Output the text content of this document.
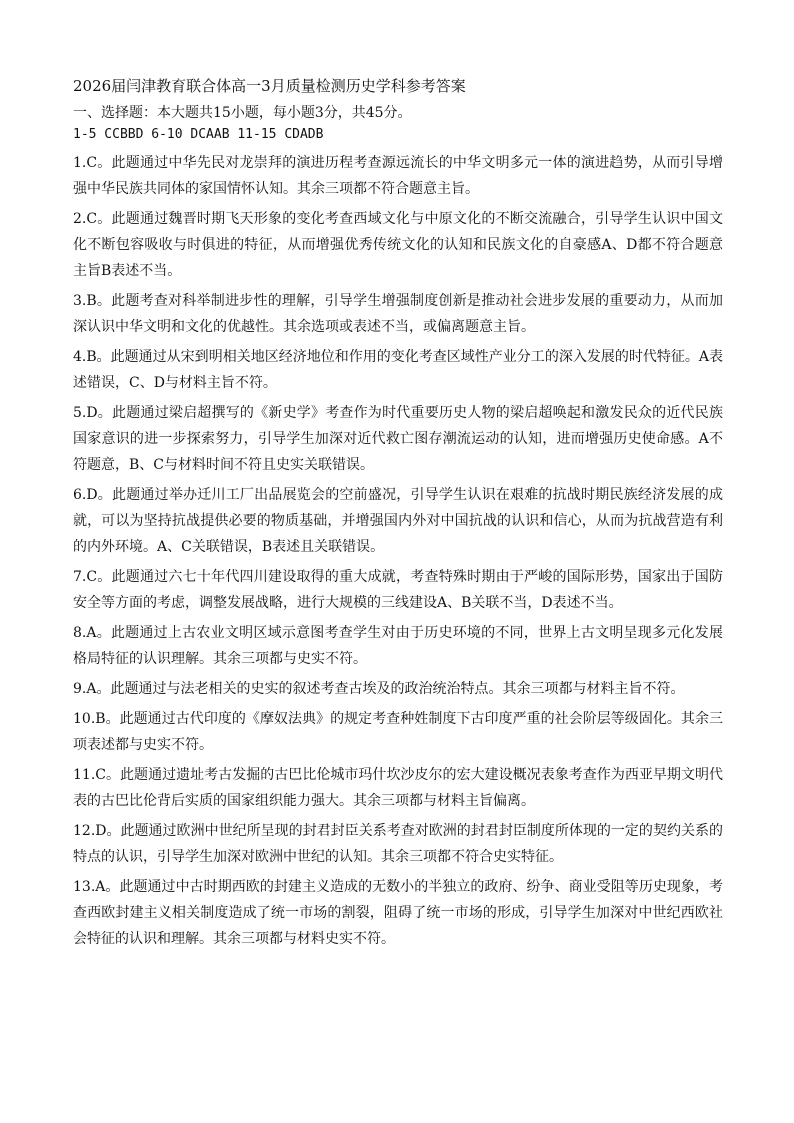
2026届闫津教育联合体高一3月质量检测历史学科参考答案
一、选择题：本大题共15小题，每小题3分，共45分。
1-5 CCBBD 6-10 DCAAB 11-15 CDADB
1.C。此题通过中华先民对龙崇拜的演进历程考查源远流长的中华文明多元一体的演进趋势，从而引导增强中华民族共同体的家国情怀认知。其余三项都不符合题意主旨。
2.C。此题通过魏晋时期飞天形象的变化考查西域文化与中原文化的不断交流融合，引导学生认识中国文化不断包容吸收与时俱进的特征，从而增强优秀传统文化的认知和民族文化的自豪感A、D都不符合题意主旨B表述不当。
3.B。此题考查对科举制进步性的理解，引导学生增强制度创新是推动社会进步发展的重要动力，从而加深认识中华文明和文化的优越性。其余选项或表述不当，或偏离题意主旨。
4.B。此题通过从宋到明相关地区经济地位和作用的变化考查区域性产业分工的深入发展的时代特征。A表述错误，C、D与材料主旨不符。
5.D。此题通过梁启超撰写的《新史学》考查作为时代重要历史人物的梁启超唤起和激发民众的近代民族国家意识的进一步探索努力，引导学生加深对近代救亡图存潮流运动的认知，进而增强历史使命感。A不符题意，B、C与材料时间不符且史实关联错误。
6.D。此题通过举办迁川工厂出品展览会的空前盛况，引导学生认识在艰难的抗战时期民族经济发展的成就，可以为坚持抗战提供必要的物质基础，并增强国内外对中国抗战的认识和信心，从而为抗战营造有利的内外环境。A、C关联错误，B表述且关联错误。
7.C。此题通过六七十年代四川建设取得的重大成就，考查特殊时期由于严峻的国际形势，国家出于国防安全等方面的考虑，调整发展战略，进行大规模的三线建设A、B关联不当，D表述不当。
8.A。此题通过上古农业文明区域示意图考查学生对由于历史环境的不同，世界上古文明呈现多元化发展格局特征的认识理解。其余三项都与史实不符。
9.A。此题通过与法老相关的史实的叙述考查古埃及的政治统治特点。其余三项都与材料主旨不符。
10.B。此题通过古代印度的《摩奴法典》的规定考查种姓制度下古印度严重的社会阶层等级固化。其余三项表述都与史实不符。
11.C。此题通过遗址考古发掘的古巴比伦城市玛什坎沙皮尔的宏大建设概况表象考查作为西亚早期文明代表的古巴比伦背后实质的国家组织能力强大。其余三项都与材料主旨偏离。
12.D。此题通过欧洲中世纪所呈现的封君封臣关系考查对欧洲的封君封臣制度所体现的一定的契约关系的特点的认识，引导学生加深对欧洲中世纪的认知。其余三项都不符合史实特征。
13.A。此题通过中古时期西欧的封建主义造成的无数小的半独立的政府、纷争、商业受阻等历史现象，考查西欧封建主义相关制度造成了统一市场的割裂，阻碍了统一市场的形成，引导学生加深对中世纪西欧社会特征的认识和理解。其余三项都与材料史实不符。
